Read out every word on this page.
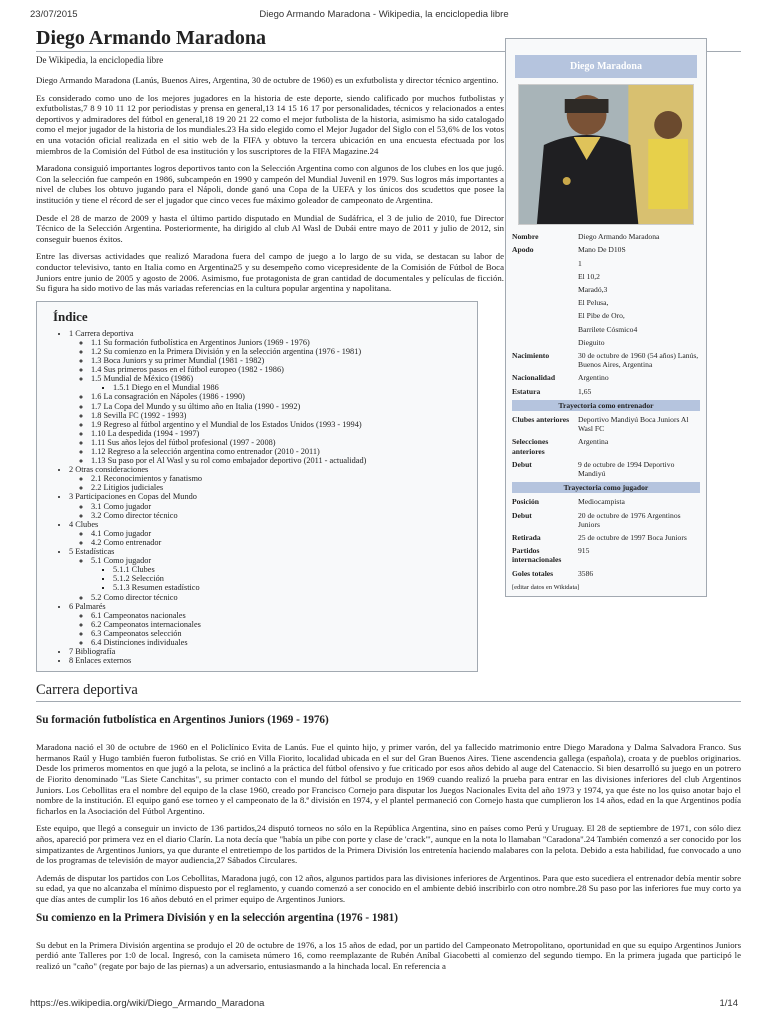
23/07/2015	Diego Armando Maradona - Wikipedia, la enciclopedia libre
Diego Armando Maradona
De Wikipedia, la enciclopedia libre

Diego Armando Maradona (Lanús, Buenos Aires, Argentina, 30 de octubre de 1960) es un exfutbolista y director técnico argentino.

Es considerado como uno de los mejores jugadores en la historia de este deporte, siendo calificado por muchos futbolistas y exfutbolistas,7 8 9 10 11 12 por periodistas y prensa en general,13 14 15 16 17 por personalidades, técnicos y relacionados a entes deportivos y admiradores del fútbol en general,18 19 20 21 22 como el mejor futbolista de la historia, asimismo ha sido catalogado como el mejor jugador de la historia de los mundiales.23 Ha sido elegido como el Mejor Jugador del Siglo con el 53,6% de los votos en una votación oficial realizada en el sitio web de la FIFA y obtuvo la tercera ubicación en una encuesta efectuada por los miembros de la Comisión del Fútbol de esa institución y los suscriptores de la FIFA Magazine.24

Maradona consiguió importantes logros deportivos tanto con la Selección Argentina como con algunos de los clubes en los que jugó. Con la selección fue campeón en 1986, subcampeón en 1990 y campeón del Mundial Juvenil en 1979. Sus logros más importantes a nivel de clubes los obtuvo jugando para el Nápoli, donde ganó una Copa de la UEFA y los únicos dos scudettos que posee la institución y tiene el récord de ser el jugador que cinco veces fue máximo goleador de campeonato de Argentina.

Desde el 28 de marzo de 2009 y hasta el último partido disputado en Mundial de Sudáfrica, el 3 de julio de 2010, fue Director Técnico de la Selección Argentina. Posteriormente, ha dirigido al club Al Wasl de Dubái entre mayo de 2011 y julio de 2012, sin conseguir buenos éxitos.

Entre las diversas actividades que realizó Maradona fuera del campo de juego a lo largo de su vida, se destacan su labor de conductor televisivo, tanto en Italia como en Argentina25 y su desempeño como vicepresidente de la Comisión de Fútbol de Boca Juniors entre junio de 2005 y agosto de 2006. Asimismo, fue protagonista de gran cantidad de documentales y películas de ficción. Su figura ha sido motivo de las más variadas referencias en la cultura popular argentina y napolitana.

Índice
• 1 Carrera deportiva
◦ 1.1 Su formación futbolística en Argentinos Juniors (1969 - 1976)
◦ 1.2 Su comienzo en la Primera División y en la selección argentina (1976 - 1981)
◦ 1.3 Boca Juniors y su primer Mundial (1981 - 1982)
◦ 1.4 Sus primeros pasos en el fútbol europeo (1982 - 1986)
◦ 1.5 Mundial de México (1986)
▪ 1.5.1 Diego en el Mundial 1986
◦ 1.6 La consagración en Nápoles (1986 - 1990)
◦ 1.7 La Copa del Mundo y su último año en Italia (1990 - 1992)
◦ 1.8 Sevilla FC (1992 - 1993)
◦ 1.9 Regreso al fútbol argentino y el Mundial de los Estados Unidos (1993 - 1994)
◦ 1.10 La despedida (1994 - 1997)
◦ 1.11 Sus años lejos del fútbol profesional (1997 - 2008)
◦ 1.12 Regreso a la selección argentina como entrenador (2010 - 2011)
◦ 1.13 Su paso por el Al Wasl y su rol como embajador deportivo (2011 - actualidad)
• 2 Otras consideraciones
◦ 2.1 Reconocimientos y fanatismo
◦ 2.2 Litigios judiciales
• 3 Participaciones en Copas del Mundo
◦ 3.1 Como jugador
◦ 3.2 Como director técnico
• 4 Clubes
◦ 4.1 Como jugador
◦ 4.2 Como entrenador
• 5 Estadísticas
◦ 5.1 Como jugador
▪ 5.1.1 Clubes
▪ 5.1.2 Selección
▪ 5.1.3 Resumen estadístico
◦ 5.2 Como director técnico
• 6 Palmarés
◦ 6.1 Campeonatos nacionales
◦ 6.2 Campeonatos internacionales
◦ 6.3 Campeonatos selección
◦ 6.4 Distinciones individuales
• 7 Bibliografía
• 8 Enlaces externos
Carrera deportiva
Su formación futbolística en Argentinos Juniors (1969 - 1976)

Maradona nació el 30 de octubre de 1960 en el Policlínico Evita de Lanús. Fue el quinto hijo, y primer varón, del ya fallecido matrimonio entre Diego Maradona y Dalma Salvadora Franco. Sus hermanos Raúl y Hugo también fueron futbolistas. Se crió en Villa Fiorito, localidad ubicada en el sur del Gran Buenos Aires. Tiene ascendencia gallega (española), croata y de pueblos originarios. Desde los primeros momentos en que jugó a la pelota, se inclinó a la práctica del fútbol ofensivo y fue criticado por esos años debido al auge del Catenaccio. Si bien desarrolló su juego en un potrero de Fiorito denominado "Las Siete Canchitas", su primer contacto con el mundo del fútbol se produjo en 1969 cuando realizó la prueba para entrar en las divisiones inferiores del club Argentinos Juniors. Los Cebollitas era el nombre del equipo de la clase 1960, creado por Francisco Cornejo para disputar los Juegos Nacionales Evita del año 1973 y 1974, ya que éste no los quiso anotar bajo el nombre de la institución. El equipo ganó ese torneo y el campeonato de la 8.ª división en 1974, y el plantel permaneció con Cornejo hasta que cumplieron los 14 años, edad en la que Argentinos podía ficharlos en la Asociación del Fútbol Argentino.

Este equipo, que llegó a conseguir un invicto de 136 partidos,24 disputó torneos no sólo en la República Argentina, sino en países como Perú y Uruguay. El 28 de septiembre de 1971, con sólo diez años, apareció por primera vez en el diario Clarín. La nota decía que "había un pibe con porte y clase de 'crack'", aunque en la nota lo llamaban "Caradona".24 También comenzó a ser conocido por los simpatizantes de Argentinos Juniors, ya que durante el entretiempo de los partidos de la Primera División los entretenía haciendo malabares con la pelota. Debido a esta habilidad, fue convocado a uno de los programas de televisión de mayor audiencia,27 Sábados Circulares.

Además de disputar los partidos con Los Cebollitas, Maradona jugó, con 12 años, algunos partidos para las divisiones inferiores de Argentinos. Para que esto sucediera el entrenador debía mentir sobre su edad, ya que no alcanzaba el mínimo dispuesto por el reglamento, y cuando comenzó a ser conocido en el ambiente debió inscribirlo con otro nombre.28 Su paso por las inferiores fue muy corto ya que días antes de cumplir los 16 años debutó en el primer equipo de Argentinos Juniors.

Su comienzo en la Primera División y en la selección argentina (1976 - 1981)

Su debut en la Primera División argentina se produjo el 20 de octubre de 1976, a los 15 años de edad, por un partido del Campeonato Metropolitano, oportunidad en que su equipo Argentinos Juniors perdió ante Talleres por 1:0 de local. Ingresó, con la camiseta número 16, como reemplazante de Rubén Aníbal Giacobetti al comienzo del segundo tiempo. En la primera jugada que participó le realizó un "caño" (regate por bajo de las piernas) a un adversario, entusiasmando a la hinchada local. En referencia a

Diego Maradona
Nombre	Diego Armando Maradona
Apodo	Mano De D10S
1
El 10,2
Maradó,3
El Pelusa,
El Pibe de Oro,
Barrilete Cósmico4
Dieguito
Nacimiento	30 de octubre de 1960 (54 años) Lanús, Buenos Aires, Argentina
Nacionalidad	Argentino
Estatura	1,65
Trayectoria como entrenador
Clubes anteriores	Deportivo Mandiyú Boca Juniors Al Wasl FC
Selecciones anteriores
Argentina
Debut	9 de octubre de 1994 Deportivo Mandiyú
Trayectoria como jugador
Posición	Mediocampista
Debut	20 de octubre de 1976 Argentinos Juniors
Retirada	25 de octubre de 1997 Boca Juniors
Partidos internacionales
915
Goles totales	3586
[editar datos en Wikidata]
https://es.wikipedia.org/wiki/Diego_Armando_Maradona	1/14
